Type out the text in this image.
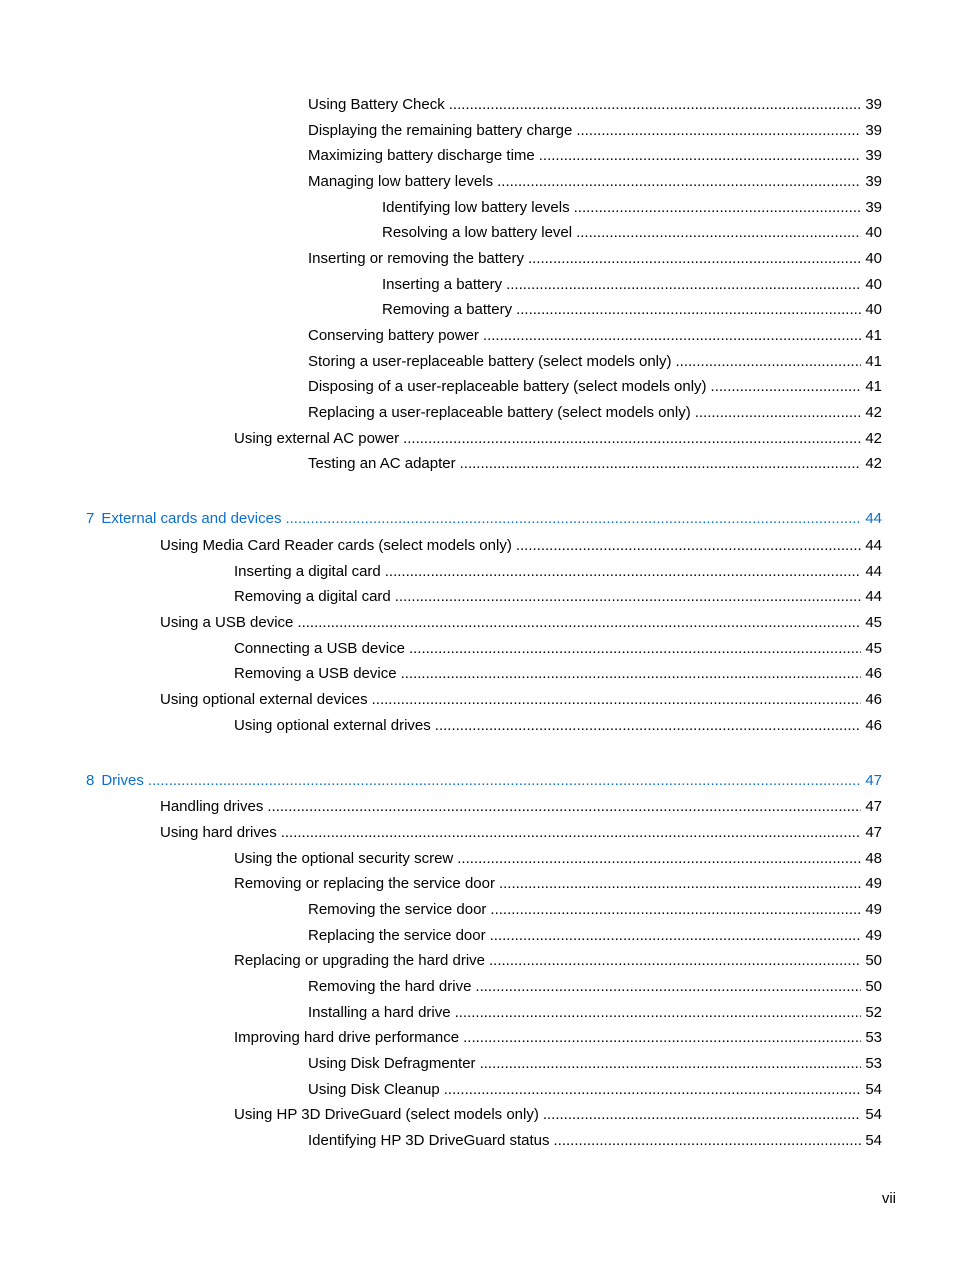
Using Battery Check .....	39
Displaying the remaining battery charge .....	39
Maximizing battery discharge time .....	39
Managing low battery levels .....	39
Identifying low battery levels .....	39
Resolving a low battery level .....	40
Inserting or removing the battery .....	40
Inserting a battery .....	40
Removing a battery .....	40
Conserving battery power .....	41
Storing a user-replaceable battery (select models only) .....	41
Disposing of a user-replaceable battery (select models only) .....	41
Replacing a user-replaceable battery (select models only) .....	42
Using external AC power .....	42
Testing an AC adapter .....	42
7 External cards and devices .....	44
Using Media Card Reader cards (select models only) .....	44
Inserting a digital card .....	44
Removing a digital card .....	44
Using a USB device .....	45
Connecting a USB device .....	45
Removing a USB device .....	46
Using optional external devices .....	46
Using optional external drives .....	46
8 Drives .....	47
Handling drives .....	47
Using hard drives .....	47
Using the optional security screw .....	48
Removing or replacing the service door .....	49
Removing the service door .....	49
Replacing the service door .....	49
Replacing or upgrading the hard drive .....	50
Removing the hard drive .....	50
Installing a hard drive .....	52
Improving hard drive performance .....	53
Using Disk Defragmenter .....	53
Using Disk Cleanup .....	54
Using HP 3D DriveGuard (select models only) .....	54
Identifying HP 3D DriveGuard status .....	54
vii
